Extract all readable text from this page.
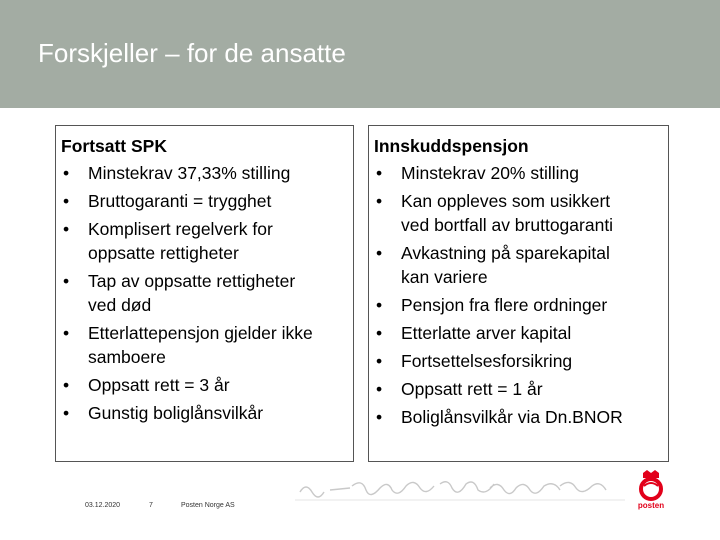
Forskjeller – for de ansatte
Fortsatt SPK
• Minstekrav 37,33% stilling
• Bruttogaranti = trygghet
• Komplisert regelverk for
oppsatte rettigheter
• Tap av oppsatte rettigheter
ved død
• Etterlattepensjon gjelder ikke
samboere
• Oppsatt rett = 3 år
• Gunstig boliglånsvilkår
Innskuddspensjon
• Minstekrav 20% stilling
• Kan oppleves som usikkert
ved bortfall av bruttogaranti
• Avkastning på sparekapital
kan variere
• Pensjon fra flere ordninger
• Etterlatte arver kapital
• Fortsettelsesforsikring
• Oppsatt rett = 1 år
• Boliglånsvilkår via Dn.BNOR
03.12.2020	7	Posten Norge AS	posten
